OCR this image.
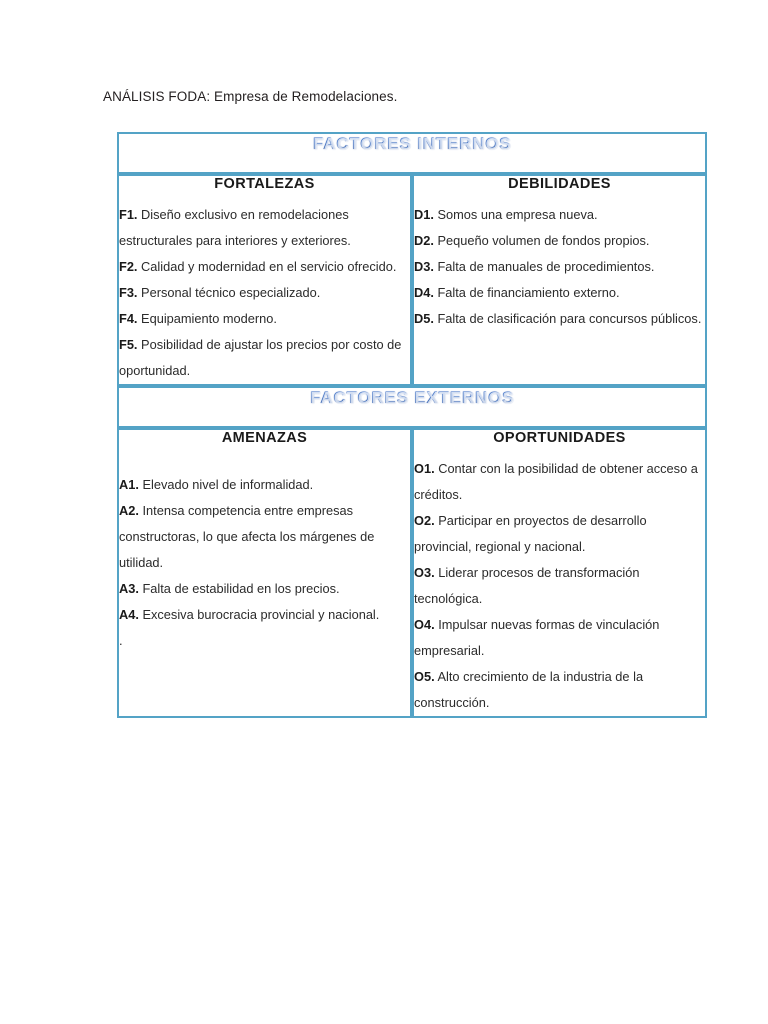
ANÁLISIS FODA: Empresa de Remodelaciones.
FACTORES INTERNOS	

FORTALEZAS
F1. Diseño exclusivo en remodelaciones estructurales para interiores y exteriores.
F2. Calidad y modernidad en el servicio ofrecido.
F3. Personal técnico especializado.
F4. Equipamiento moderno.
F5. Posibilidad de ajustar los precios por costo de oportunidad.

DEBILIDADES
D1. Somos una empresa nueva.
D2. Pequeño volumen de fondos propios.
D3. Falta de manuales de procedimientos.
D4. Falta de financiamiento externo.
D5. Falta de clasificación para concursos públicos.

FACTORES EXTERNOS	

AMENAZAS
A1. Elevado nivel de informalidad.
A2. Intensa competencia entre empresas constructoras, lo que afecta los márgenes de utilidad.
A3. Falta de estabilidad en los precios.
A4. Excesiva burocracia provincial y nacional.
.

OPORTUNIDADES
O1. Contar con la posibilidad de obtener acceso a créditos.
O2. Participar en proyectos de desarrollo provincial, regional y nacional.
O3. Liderar procesos de transformación tecnológica.
O4. Impulsar nuevas formas de vinculación empresarial.
O5. Alto crecimiento de la industria de la construcción.
